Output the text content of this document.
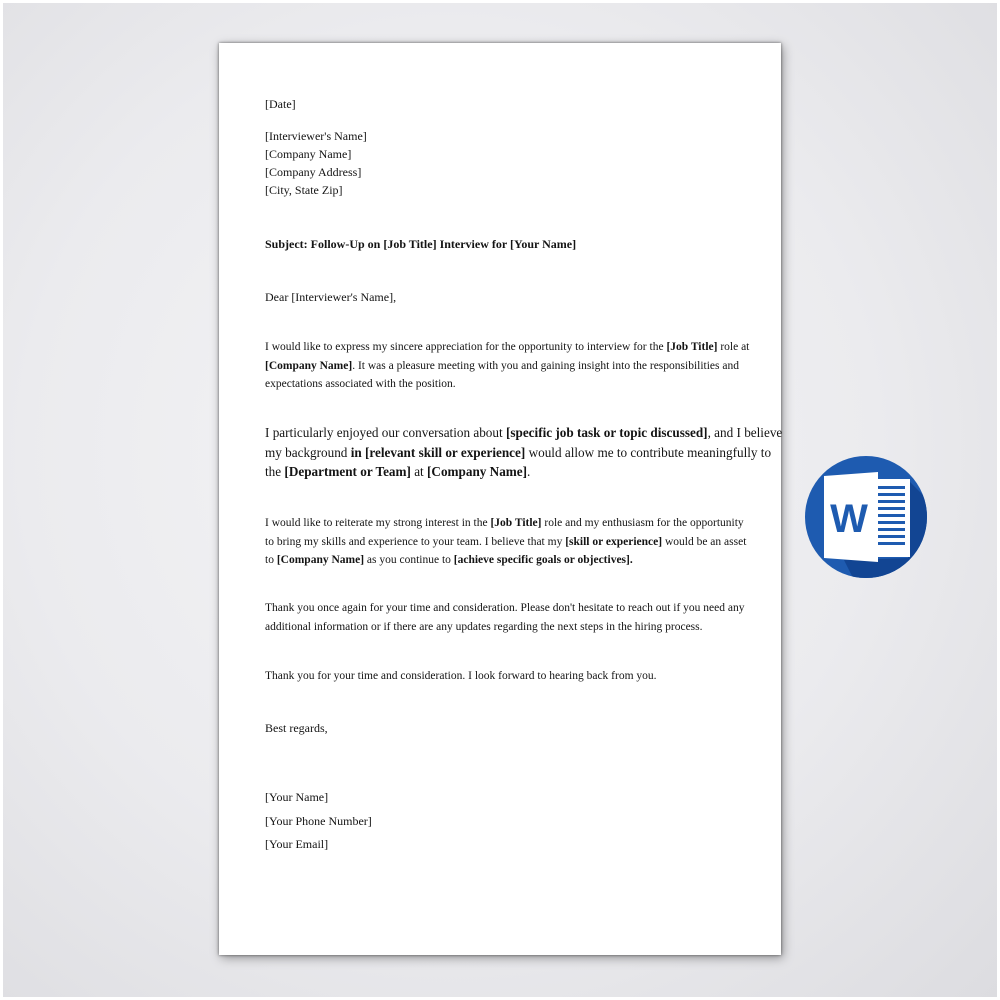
[Date]
[Interviewer's Name]
[Company Name]
[Company Address]
[City, State Zip]
Subject: Follow-Up on [Job Title] Interview for [Your Name]
Dear [Interviewer's Name],
I would like to express my sincere appreciation for the opportunity to interview for the [Job Title] role at
[Company Name]. It was a pleasure meeting with you and gaining insight into the responsibilities and
expectations associated with the position.
I particularly enjoyed our conversation about [specific job task or topic discussed], and I believe
my background in [relevant skill or experience] would allow me to contribute meaningfully to
the [Department or Team] at [Company Name].
I would like to reiterate my strong interest in the [Job Title] role and my enthusiasm for the opportunity
to bring my skills and experience to your team. I believe that my [skill or experience] would be an asset
to [Company Name] as you continue to [achieve specific goals or objectives].
Thank you once again for your time and consideration. Please don't hesitate to reach out if you need any
additional information or if there are any updates regarding the next steps in the hiring process.
Thank you for your time and consideration. I look forward to hearing back from you.
Best regards,
[Your Name]
[Your Phone Number]
[Your Email]
W
